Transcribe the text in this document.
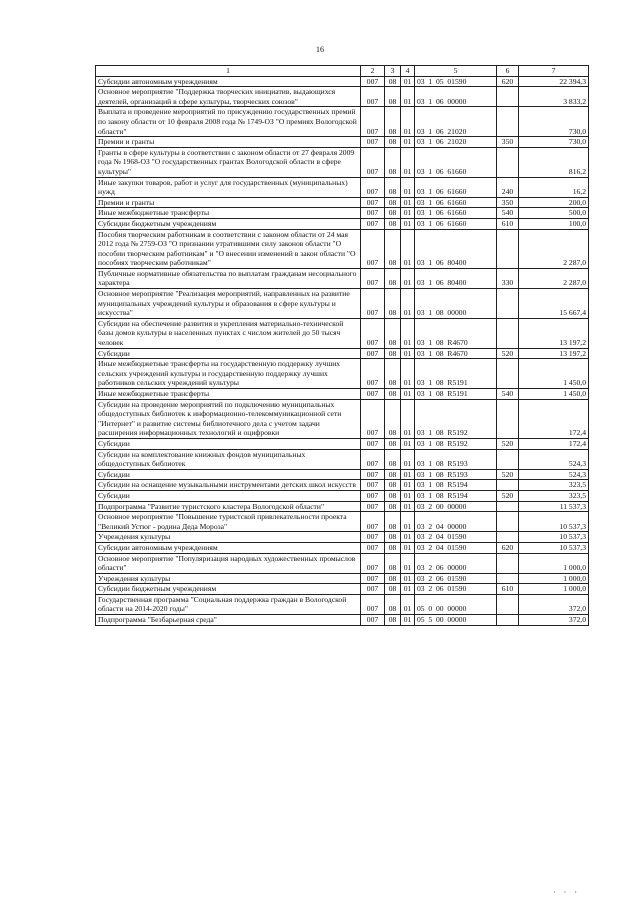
16
1	2	3	4	5	6	7
Субсидии автономным учреждениям	007	08	01	03  1  05  01590	620	22 394,3
Основное мероприятие "Поддержка творческих инициатив, выдающихся деятелей, организаций в сфере культуры, творческих союзов"	007	08	01	03  1  06  00000		3 833,2
Выплата и проведение мероприятий по присуждению государственных премий по закону области от 10 февраля 2008 года № 1749-ОЗ "О премиях Вологодской области"	007	08	01	03  1  06  21020		730,0
Премии и гранты	007	08	01	03  1  06  21020	350	730,0
Гранты в сфере культуры в соответствии с законом области от 27 февраля 2009 года № 1968-ОЗ "О государственных грантах Вологодской области в сфере культуры"	007	08	01	03  1  06  61660		816,2
Иные закупки товаров, работ и услуг для государственных (муниципальных) нужд	007	08	01	03  1  06  61660	240	16,2
Премии и гранты	007	08	01	03  1  06  61660	350	200,0
Иные межбюджетные трансферты	007	08	01	03  1  06  61660	540	500,0
Субсидии бюджетным учреждениям	007	08	01	03  1  06  61660	610	100,0
Пособия творческим работникам в соответствии с законом области от 24 мая 2012 года № 2759-ОЗ "О признании утратившими силу законов области "О пособии творческим работникам" и "О внесении изменений в закон области "О пособиях творческим работникам"	007	08	01	03  1  06  80400		2 287,0
Публичные нормативные обязательства по выплатам гражданам несоциального характера	007	08	01	03  1  06  80400	330	2 287,0
Основное мероприятие "Реализация мероприятий, направленных на развитие муниципальных учреждений культуры и образования в сфере культуры и искусства"	007	08	01	03  1  08  00000		15 667,4
Субсидии на обеспечение развития и укрепления материально-технической базы домов культуры в населенных пунктах с числом жителей до 50 тысяч человек	007	08	01	03  1  08  R4670		13 197,2
Субсидии	007	08	01	03  1  08  R4670	520	13 197,2
Иные межбюджетные трансферты на государственную поддержку лучших сельских учреждений культуры и государственную поддержку лучших работников сельских учреждений культуры	007	08	01	03  1  08  R5191		1 450,0
Иные межбюджетные трансферты	007	08	01	03  1  08  R5191	540	1 450,0
Субсидии на проведение мероприятий по подключению муниципальных общедоступных библиотек к информационно-телекоммуникационной сети "Интернет" и развитие системы библиотечного дела с учетом задачи расширения информационных технологий и оцифровки	007	08	01	03  1  08  R5192		172,4
Субсидии	007	08	01	03  1  08  R5192	520	172,4
Субсидии на комплектование книжных фондов муниципальных общедоступных библиотек	007	08	01	03  1  08  R5193		524,3
Субсидии	007	08	01	03  1  08  R5193	520	524,3
Субсидии на оснащение музыкальными инструментами детских школ искусств	007	08	01	03  1  08  R5194		323,5
Субсидии	007	08	01	03  1  08  R5194	520	323,5
Подпрограмма "Развитие туристского кластера Вологодской области"	007	08	01	03  2  00  00000		11 537,3
Основное мероприятие "Повышение туристской привлекательности проекта "Великий Устюг - родина Деда Мороза"	007	08	01	03  2  04  00000		10 537,3
Учреждения культуры	007	08	01	03  2  04  01590		10 537,3
Субсидии автономным учреждениям	007	08	01	03  2  04  01590	620	10 537,3
Основное мероприятие "Популяризация народных художественных промыслов области"	007	08	01	03  2  06  00000		1 000,0
Учреждения культуры	007	08	01	03  2  06  01590		1 000,0
Субсидии бюджетным учреждениям	007	08	01	03  2  06  01590	610	1 000,0
Государственная программа "Социальная поддержка граждан в Вологодской области на 2014-2020 годы"	007	08	01	05  0  00  00000		372,0
Подпрограмма "Безбарьерная среда"	007	08	01	05  5  00  00000		372,0
· · ·
